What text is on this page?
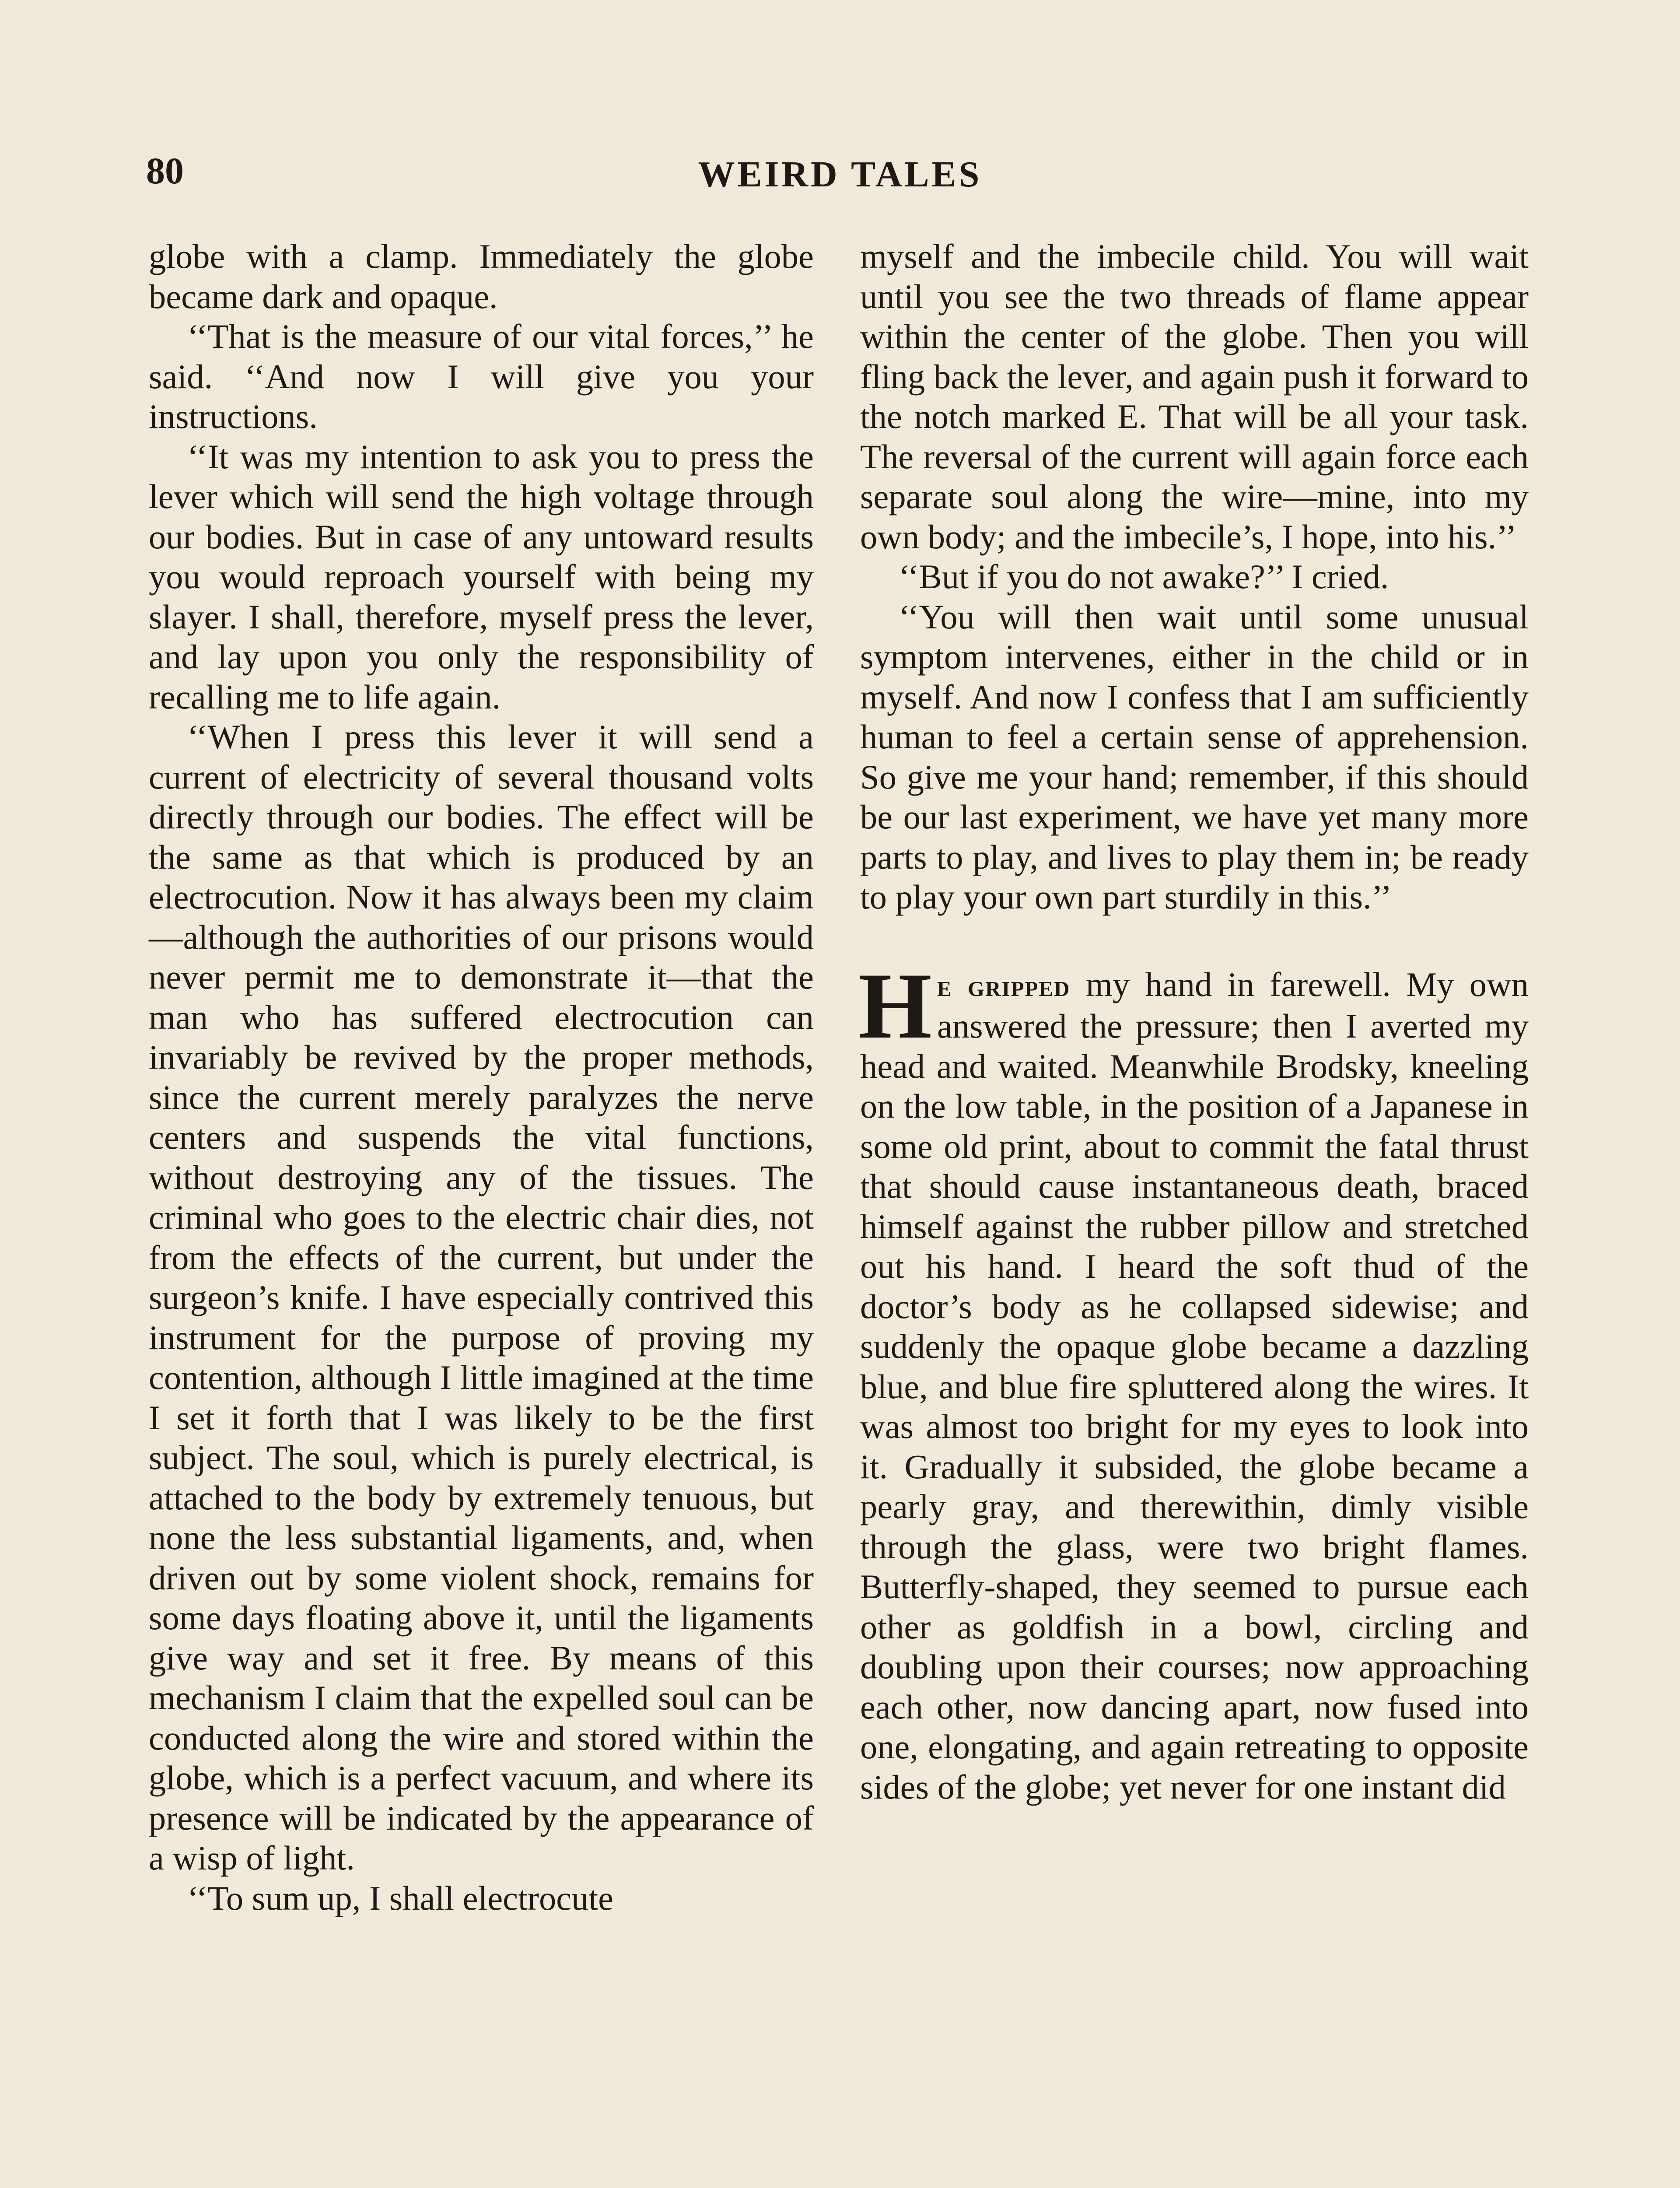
80	WEIRD TALES

globe with a clamp. Immediately the globe became dark and opaque.

‘‘That is the measure of our vital forces,’’ he said. ‘‘And now I will give you your instructions.

‘‘It was my intention to ask you to press the lever which will send the high voltage through our bodies. But in case of any untoward results you would reproach yourself with being my slayer. I shall, therefore, myself press the lever, and lay upon you only the responsibility of recalling me to life again.

‘‘When I press this lever it will send a current of electricity of several thousand volts directly through our bodies. The effect will be the same as that which is produced by an electrocution. Now it has always been my claim—although the authorities of our prisons would never permit me to demonstrate it—that the man who has suffered electrocution can invariably be revived by the proper methods, since the current merely paralyzes the nerve centers and suspends the vital functions, without destroying any of the tissues. The criminal who goes to the electric chair dies, not from the effects of the current, but under the surgeon’s knife. I have especially contrived this instrument for the purpose of proving my contention, although I little imagined at the time I set it forth that I was likely to be the first subject. The soul, which is purely electrical, is attached to the body by extremely tenuous, but none the less substantial ligaments, and, when driven out by some violent shock, remains for some days floating above it, until the ligaments give way and set it free. By means of this mechanism I claim that the expelled soul can be conducted along the wire and stored within the globe, which is a perfect vacuum, and where its presence will be indicated by the appearance of a wisp of light.

‘‘To sum up, I shall electrocute

myself and the imbecile child. You will wait until you see the two threads of flame appear within the center of the globe. Then you will fling back the lever, and again push it forward to the notch marked E. That will be all your task. The reversal of the current will again force each separate soul along the wire—mine, into my own body; and the imbecile’s, I hope, into his.’’

‘‘But if you do not awake?’’ I cried.

‘‘You will then wait until some unusual symptom intervenes, either in the child or in myself. And now I confess that I am sufficiently human to feel a certain sense of apprehension. So give me your hand; remember, if this should be our last experiment, we have yet many more parts to play, and lives to play them in; be ready to play your own part sturdily in this.’’

He gripped my hand in farewell. My own answered the pressure; then I averted my head and waited. Meanwhile Brodsky, kneeling on the low table, in the position of a Japanese in some old print, about to commit the fatal thrust that should cause instantaneous death, braced himself against the rubber pillow and stretched out his hand. I heard the soft thud of the doctor’s body as he collapsed sidewise; and suddenly the opaque globe became a dazzling blue, and blue fire spluttered along the wires. It was almost too bright for my eyes to look into it. Gradually it subsided, the globe became a pearly gray, and therewithin, dimly visible through the glass, were two bright flames. Butterfly-shaped, they seemed to pursue each other as goldfish in a bowl, circling and doubling upon their courses; now approaching each other, now dancing apart, now fused into one, elongating, and again retreating to opposite sides of the globe; yet never for one instant did
